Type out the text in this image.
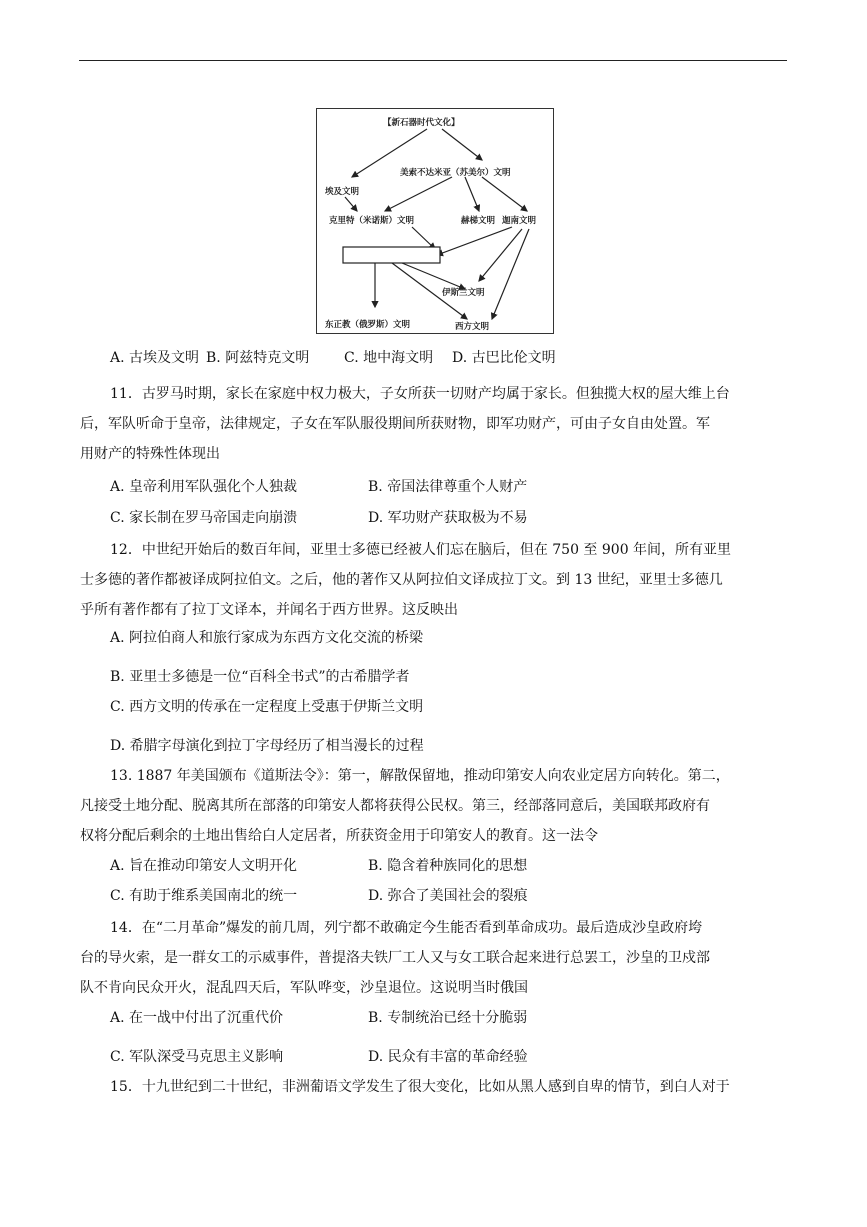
【新石器时代文化】
埃及文明
美索不达米亚（苏美尔）文明
克里特（米诺斯）文明	赫梯文明 迦南文明
伊斯兰文明
东正教（俄罗斯）文明	西方文明
A. 古埃及文明 B. 阿兹特克文明 C. 地中海文明 D. 古巴比伦文明
11．古罗马时期，家长在家庭中权力极大，子女所获一切财产均属于家长。但独揽大权的屋大维上台
后，军队听命于皇帝，法律规定，子女在军队服役期间所获财物，即军功财产，可由子女自由处置。军
用财产的特殊性体现出
A. 皇帝利用军队强化个人独裁	B. 帝国法律尊重个人财产
C. 家长制在罗马帝国走向崩溃	D. 军功财产获取极为不易
12．中世纪开始后的数百年间，亚里士多德已经被人们忘在脑后，但在 750 至 900 年间，所有亚里
士多德的著作都被译成阿拉伯文。之后，他的著作又从阿拉伯文译成拉丁文。到 13 世纪，亚里士多德几
乎所有著作都有了拉丁文译本，并闻名于西方世界。这反映出
A. 阿拉伯商人和旅行家成为东西方文化交流的桥梁
B. 亚里士多德是一位“百科全书式”的古希腊学者
C. 西方文明的传承在一定程度上受惠于伊斯兰文明
D. 希腊字母演化到拉丁字母经历了相当漫长的过程
13. 1887 年美国颁布《道斯法令》：第一，解散保留地，推动印第安人向农业定居方向转化。第二，
凡接受土地分配、脱离其所在部落的印第安人都将获得公民权。第三，经部落同意后，美国联邦政府有
权将分配后剩余的土地出售给白人定居者，所获资金用于印第安人的教育。这一法令
A. 旨在推动印第安人文明开化	B. 隐含着种族同化的思想
C. 有助于维系美国南北的统一	D. 弥合了美国社会的裂痕
14．在“二月革命”爆发的前几周，列宁都不敢确定今生能否看到革命成功。最后造成沙皇政府垮
台的导火索，是一群女工的示威事件，普提洛夫铁厂工人又与女工联合起来进行总罢工，沙皇的卫戍部
队不肯向民众开火，混乱四天后，军队哗变，沙皇退位。这说明当时俄国
A. 在一战中付出了沉重代价	B. 专制统治已经十分脆弱
C. 军队深受马克思主义影响	D. 民众有丰富的革命经验
15．十九世纪到二十世纪，非洲葡语文学发生了很大变化，比如从黑人感到自卑的情节，到白人对于
